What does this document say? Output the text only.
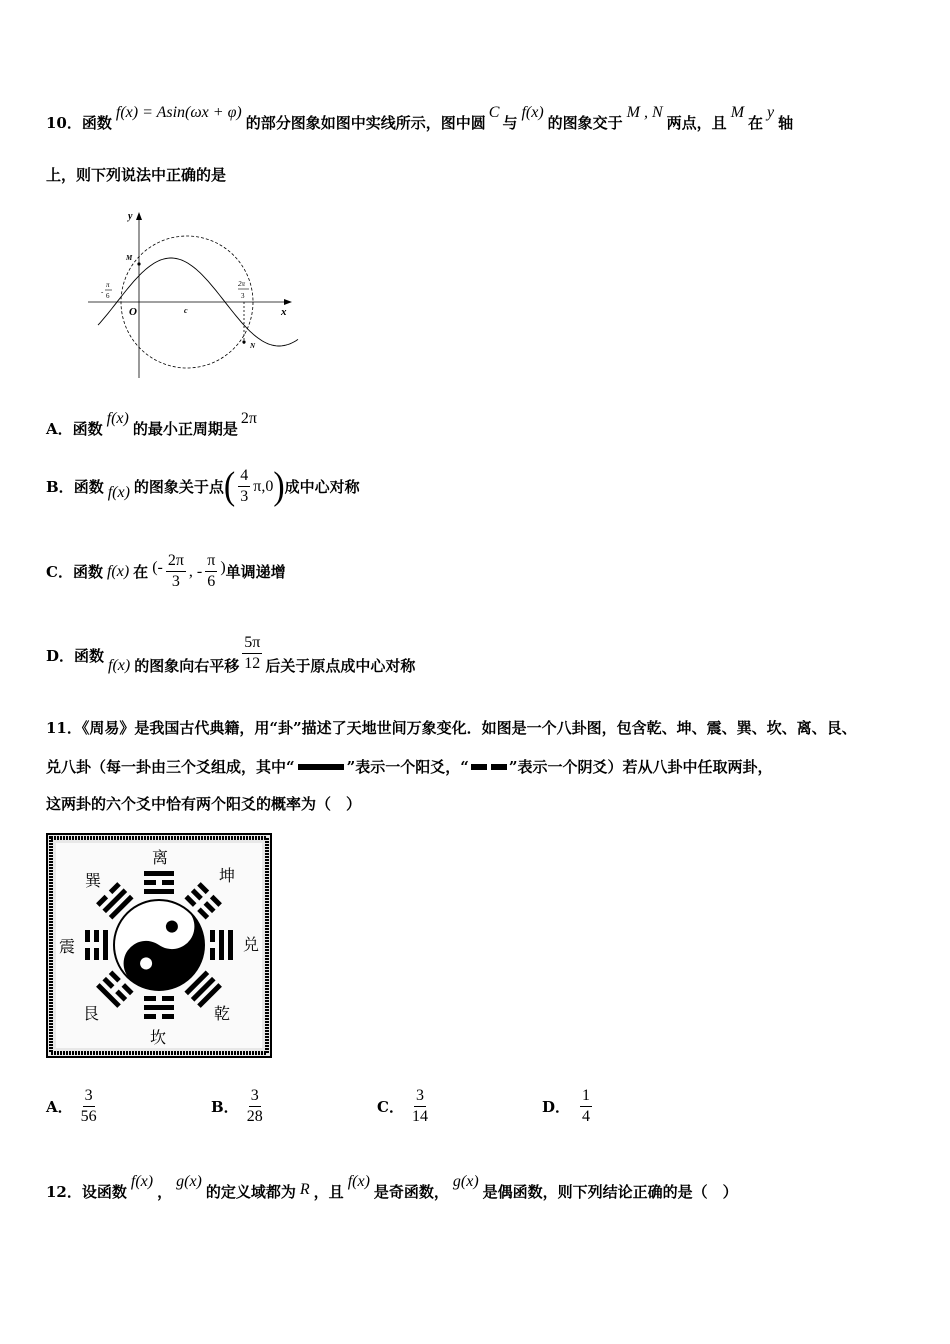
10． 函数
f(x) = Asin(ωx + φ)
的部分图象如图中实线所示，图中圆
C
与
f(x)
的图象交于
M , N
两点，且
M
在
y
轴
上，则下列说法中正确的是
y
x
O
M
N
c
-
π
6
2π
3
A． 函数
f(x)
的最小正周期是
2π
B． 函数 f(x) 的图象关于点 ( $\frac{4}{3} \pi,0$ ) 成中心对称
C． 函数 f(x) 在 (- $\frac{2\pi}{3}$ , - $\frac{\pi}{6}$ ) 单调递增
D． 函数 f(x) 的图象向右平移 $\frac{5\pi}{12}$ 后关于原点成中心对称
11．《周易》是我国古代典籍，用“卦”描述了天地世间万象变化．如图是一个八卦图，包含乾、坤、震、巽、坎、离、艮、
兑八卦（每一卦由三个爻组成，其中“	”表示一个阳爻，“	”表示一个阴爻）若从八卦中任取两卦，
这两卦的六个爻中恰有两个阳爻的概率为（　）
离
坤
兑
乾
坎
艮
震
巽
A． $\frac{3}{56}$	B． $\frac{3}{28}$	C． $\frac{3}{14}$	D． $\frac{1}{4}$
12． 设函数
f(x)
，
g(x)
的定义域都为 R ，且
f(x)
是奇函数，
g(x)
是偶函数，则下列结论正确的是（　）
